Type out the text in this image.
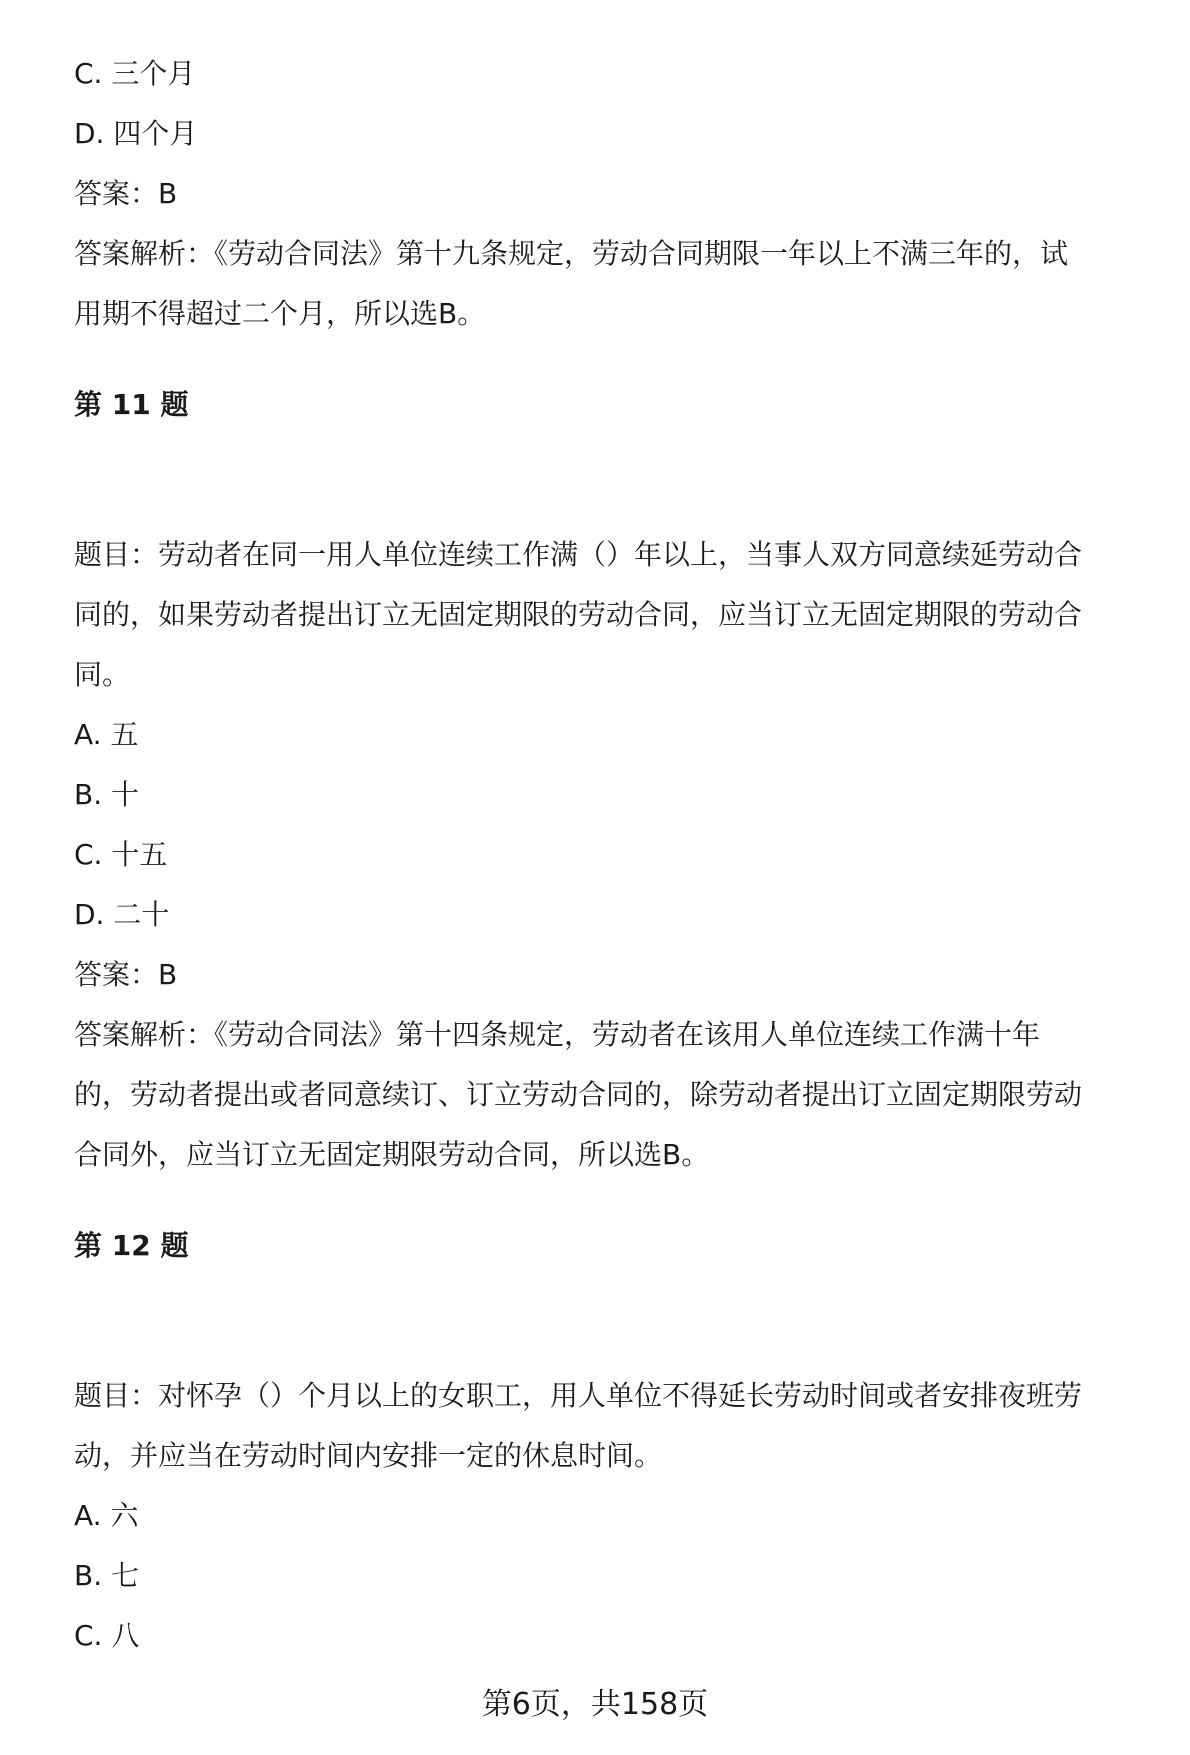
C. 三个月

D. 四个月

答案：B

答案解析：《劳动合同法》第十九条规定，劳动合同期限一年以上不满三年的，试

用期不得超过二个月，所以选B。

第 11 题

题目：劳动者在同一用人单位连续工作满（）年以上，当事人双方同意续延劳动合

同的，如果劳动者提出订立无固定期限的劳动合同，应当订立无固定期限的劳动合

同。

A. 五

B. 十

C. 十五

D. 二十

答案：B

答案解析：《劳动合同法》第十四条规定，劳动者在该用人单位连续工作满十年

的，劳动者提出或者同意续订、订立劳动合同的，除劳动者提出订立固定期限劳动

合同外，应当订立无固定期限劳动合同，所以选B。

第 12 题

题目：对怀孕（）个月以上的女职工，用人单位不得延长劳动时间或者安排夜班劳

动，并应当在劳动时间内安排一定的休息时间。

A. 六

B. 七

C. 八

第6页，共158页
